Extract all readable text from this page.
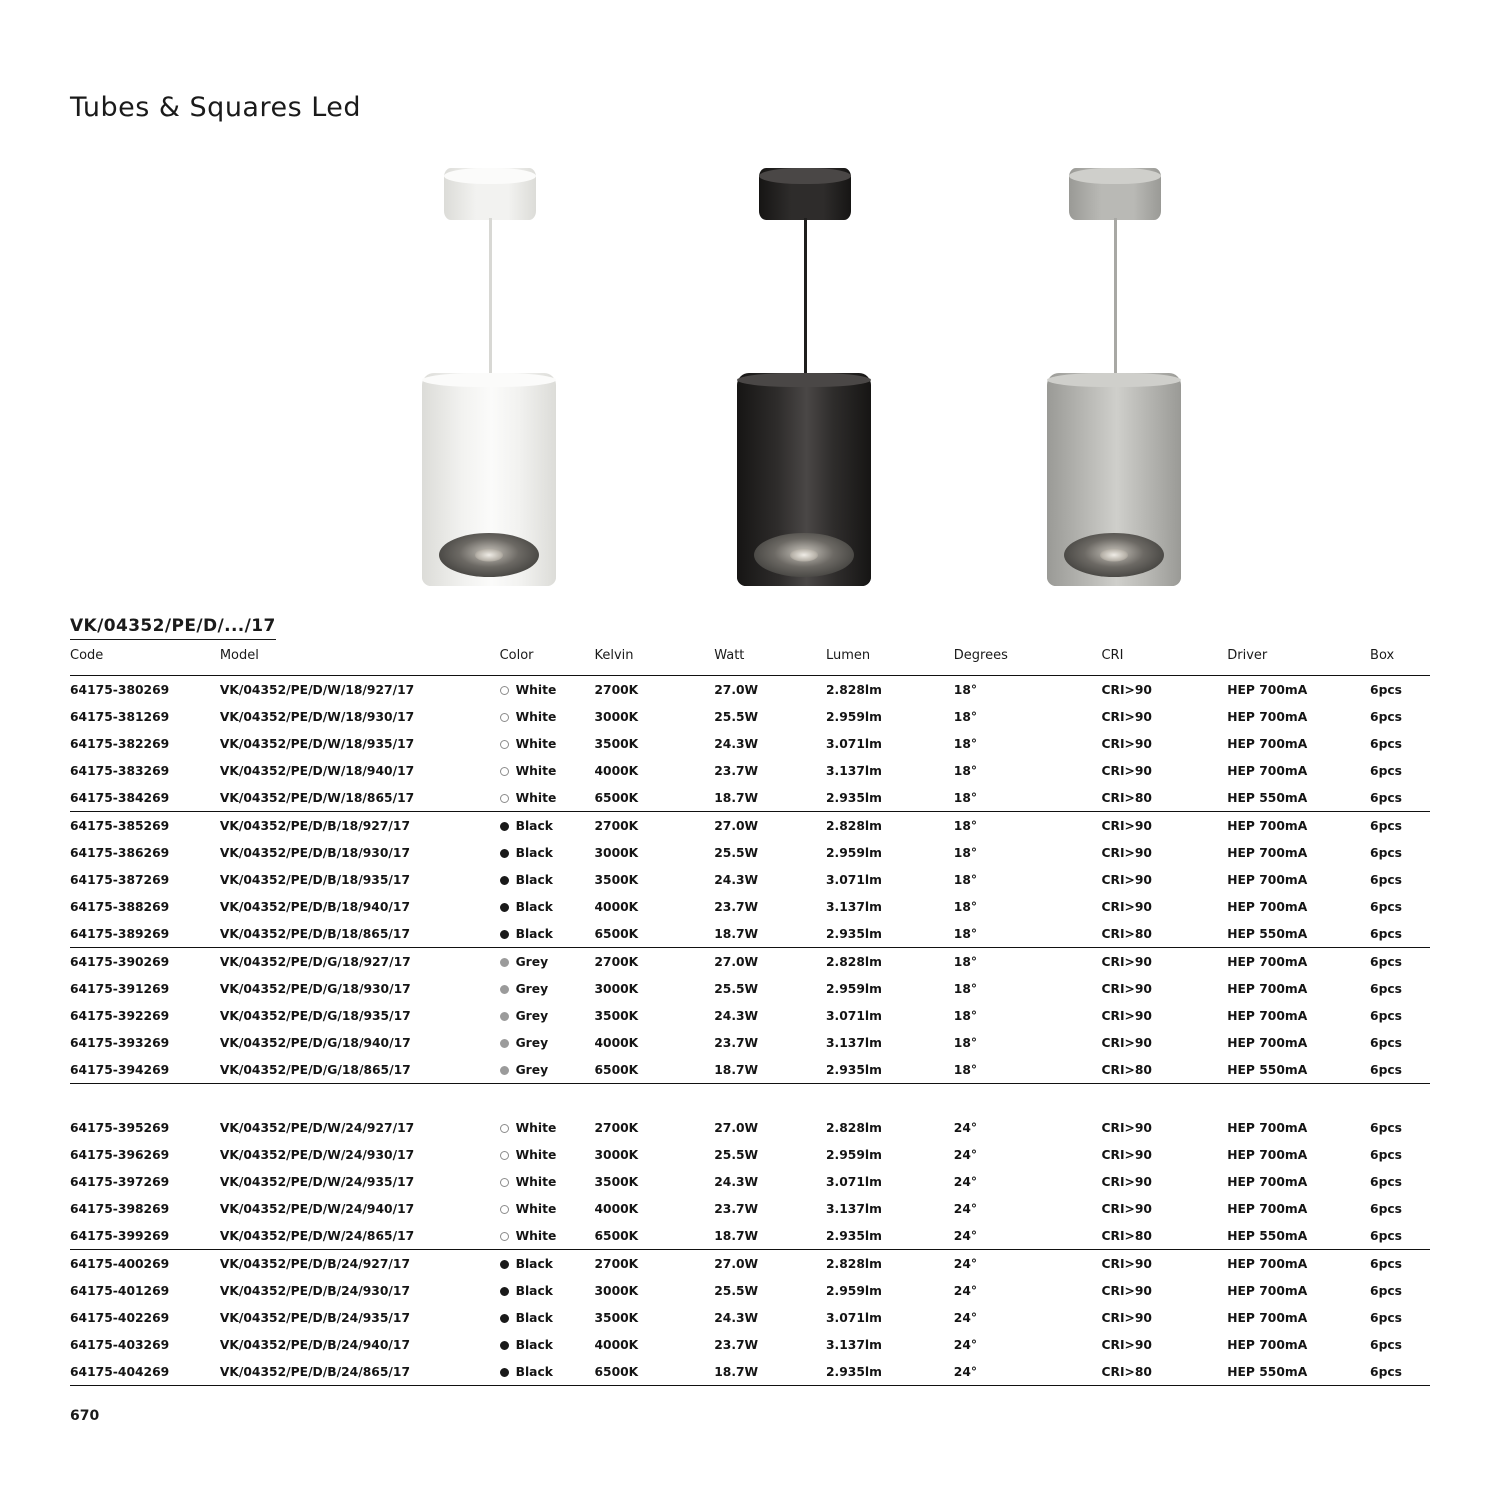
Tubes & Squares Led
VK/04352/PE/D/.../17
Code	Model	Color	Kelvin	Watt	Lumen	Degrees	CRI	Driver	Box
64175-380269	VK/04352/PE/D/W/18/927/17	White	2700K	27.0W	2.828lm	18°	CRI>90	HEP 700mA	6pcs
64175-381269	VK/04352/PE/D/W/18/930/17	White	3000K	25.5W	2.959lm	18°	CRI>90	HEP 700mA	6pcs
64175-382269	VK/04352/PE/D/W/18/935/17	White	3500K	24.3W	3.071lm	18°	CRI>90	HEP 700mA	6pcs
64175-383269	VK/04352/PE/D/W/18/940/17	White	4000K	23.7W	3.137lm	18°	CRI>90	HEP 700mA	6pcs
64175-384269	VK/04352/PE/D/W/18/865/17	White	6500K	18.7W	2.935lm	18°	CRI>80	HEP 550mA	6pcs
64175-385269	VK/04352/PE/D/B/18/927/17	Black	2700K	27.0W	2.828lm	18°	CRI>90	HEP 700mA	6pcs
64175-386269	VK/04352/PE/D/B/18/930/17	Black	3000K	25.5W	2.959lm	18°	CRI>90	HEP 700mA	6pcs
64175-387269	VK/04352/PE/D/B/18/935/17	Black	3500K	24.3W	3.071lm	18°	CRI>90	HEP 700mA	6pcs
64175-388269	VK/04352/PE/D/B/18/940/17	Black	4000K	23.7W	3.137lm	18°	CRI>90	HEP 700mA	6pcs
64175-389269	VK/04352/PE/D/B/18/865/17	Black	6500K	18.7W	2.935lm	18°	CRI>80	HEP 550mA	6pcs
64175-390269	VK/04352/PE/D/G/18/927/17	Grey	2700K	27.0W	2.828lm	18°	CRI>90	HEP 700mA	6pcs
64175-391269	VK/04352/PE/D/G/18/930/17	Grey	3000K	25.5W	2.959lm	18°	CRI>90	HEP 700mA	6pcs
64175-392269	VK/04352/PE/D/G/18/935/17	Grey	3500K	24.3W	3.071lm	18°	CRI>90	HEP 700mA	6pcs
64175-393269	VK/04352/PE/D/G/18/940/17	Grey	4000K	23.7W	3.137lm	18°	CRI>90	HEP 700mA	6pcs
64175-394269	VK/04352/PE/D/G/18/865/17	Grey	6500K	18.7W	2.935lm	18°	CRI>80	HEP 550mA	6pcs

64175-395269	VK/04352/PE/D/W/24/927/17	White	2700K	27.0W	2.828lm	24°	CRI>90	HEP 700mA	6pcs
64175-396269	VK/04352/PE/D/W/24/930/17	White	3000K	25.5W	2.959lm	24°	CRI>90	HEP 700mA	6pcs
64175-397269	VK/04352/PE/D/W/24/935/17	White	3500K	24.3W	3.071lm	24°	CRI>90	HEP 700mA	6pcs
64175-398269	VK/04352/PE/D/W/24/940/17	White	4000K	23.7W	3.137lm	24°	CRI>90	HEP 700mA	6pcs
64175-399269	VK/04352/PE/D/W/24/865/17	White	6500K	18.7W	2.935lm	24°	CRI>80	HEP 550mA	6pcs
64175-400269	VK/04352/PE/D/B/24/927/17	Black	2700K	27.0W	2.828lm	24°	CRI>90	HEP 700mA	6pcs
64175-401269	VK/04352/PE/D/B/24/930/17	Black	3000K	25.5W	2.959lm	24°	CRI>90	HEP 700mA	6pcs
64175-402269	VK/04352/PE/D/B/24/935/17	Black	3500K	24.3W	3.071lm	24°	CRI>90	HEP 700mA	6pcs
64175-403269	VK/04352/PE/D/B/24/940/17	Black	4000K	23.7W	3.137lm	24°	CRI>90	HEP 700mA	6pcs
64175-404269	VK/04352/PE/D/B/24/865/17	Black	6500K	18.7W	2.935lm	24°	CRI>80	HEP 550mA	6pcs
670
